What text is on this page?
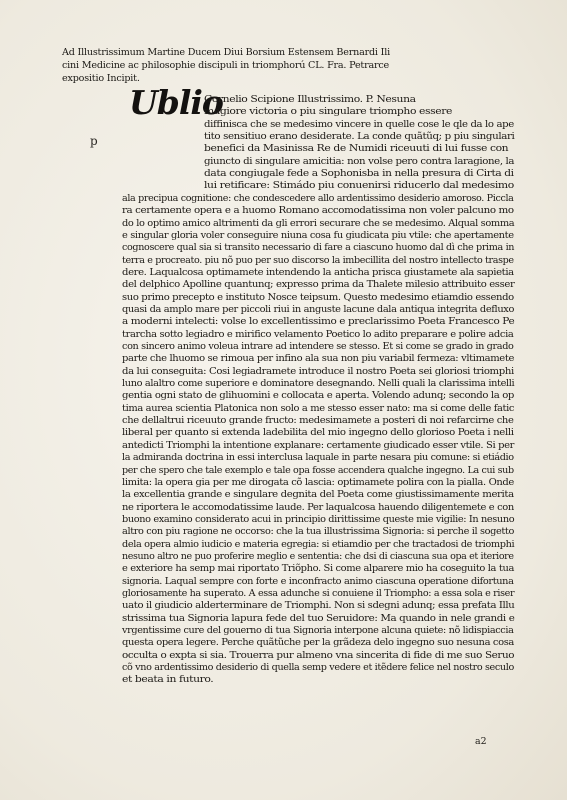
Ad Illustrissimum Martine Ducem Diui Borsium Estensem Bernardi Ili
cini Medicine ac philosophie discipuli in triomphorú CL. Fra. Petrarce
expositio Incipit.
Ublio
p
Cornelio Scipione Illustrissimo. P. Nesuna
magiore victoria o piu singulare triompho essere
diffinisca che se medesimo vincere in quelle cose le qle da lo ape
tito sensitiuo erano desiderate. La conde quãtũq; p piu singulari
benefici da Masinissa Re de Numidi riceuuti di lui fusse con
giuncto di singulare amicitia: non volse pero contra laragione, la
data congiugale fede a Sophonisba in nella presura di Cirta di
lui retificare: Stimádo piu conuenirsi riducerlo dal medesimo
ala precipua cognitione: che condescedere allo ardentissimo desiderio amoroso. Piccla
ra certamente opera e a huomo Romano accomodatissima non voler palcuno mo
do lo optimo amico altrimenti da gli errori securare che se medesimo. Alqual somma
e singular gloria voler conseguire niuna cosa fu giudicata piu vtile: che apertamente
cognoscere qual sia si transito necessario di fare a ciascuno huomo dal dì che prima in
terra e procreato. piu nõ puo per suo discorso la imbecillita del nostro intellecto traspe
dere. Laqualcosa optimamete intendendo la anticha prisca giustamete ala sapietia
del delphico Apolline quantunq; expresso prima da Thalete milesio attribuito esser
suo primo precepto e instituto Nosce teipsum. Questo medesimo etiamdio essendo
quasi da amplo mare per piccoli riui in anguste lacune dala antiqua integrita defluxo
a moderni intelecti: volse lo excellentissimo e preclarissimo Poeta Francesco Pe
trarcha sotto legiadro e mirifico velamento Poetico lo adito preparare e polire adcia
con sincero animo voleua intrare ad intendere se stesso. Et si come se grado in grado
parte che lhuomo se rimoua per infino ala sua non piu variabil fermeza: vltimamete
da lui conseguita: Cosi legiadramete introduce il nostro Poeta sei gloriosi triomphi
luno alaltro come superiore e dominatore desegnando. Nelli quali la clarissima intelli
gentia ogni stato de glihuomini e collocata e aperta. Volendo adunq; secondo la op
tima aurea scientia Platonica non solo a me stesso esser nato: ma si come delle fatic
che dellaltrui riceuuto grande fructo: medesimamete a posteri di noi refarcirne che
liberal per quanto si extenda ladebilita del mio ingegno dello glorioso Poeta i nelli
antedicti Triomphi la intentione explanare: certamente giudicado esser vtile. Si per
la admiranda doctrina in essi interclusa laquale in parte nesara piu comune: si etiádio
per che spero che tale exemplo e tale opa fosse accendera qualche ingegno. La cui sub
limita: la opera gia per me dirogata cõ lascia: optimamete polira con la pialla. Onde
la excellentia grande e singulare degnita del Poeta come giustissimamente merita
ne riportera le accomodatissime laude. Per laqualcosa hauendo diligentemete e con
buono examino considerato acui in principio dirittissime queste mie vigilie: In nesuno
altro con piu ragione ne occorso: che la tua illustrissima Signoria: si perche il sogetto
dela opera almio iudicio e materia egregia: si etiamdio per che tractadosi de triomphi
nesuno altro ne puo proferire meglio e sententia: che dsi di ciascuna sua opa et iteriore
e exteriore ha semp mai riportato Triõpho. Si come alparere mio ha coseguito la tua
signoria. Laqual sempre con forte e inconfracto animo ciascuna operatione difortuna
gloriosamente ha superato. A essa adunche si conuiene il Triompho: a essa sola e riser
uato il giudicio alderterminare de Triomphi. Non si sdegni adunq; essa prefata Illu
strissima tua Signoria lapura fede del tuo Seruidore: Ma quando in nele grandi e
vrgentissime cure del gouerno di tua Signoria interpone alcuna quiete: nõ lidispiaccia
questa opera legere. Perche quãtũche per la grãdeza delo ingegno suo nesuna cosa
occulta o expta si sia. Trouerra pur almeno vna sincerita di fide di me suo Seruo
cõ vno ardentissimo desiderio di quella semp vedere et itẽdere felice nel nostro seculo
et beata in futuro.
a2
